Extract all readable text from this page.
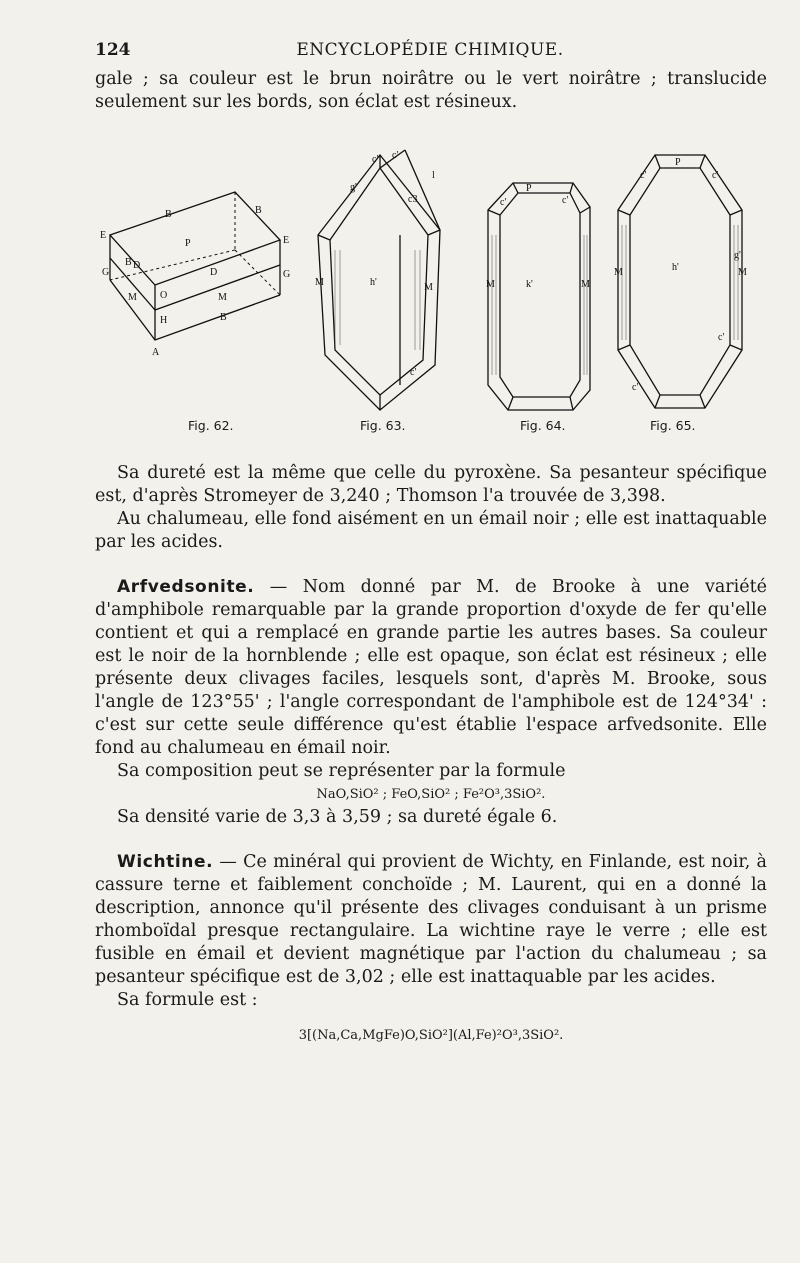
124	ENCYCLOPÉDIE CHIMIQUE.

gale ; sa couleur est le brun noirâtre ou le vert noirâtre ; translucide seulement sur les bords, son éclat est résineux.

E	E
B	B
B
B
P
G	G
D
D
M	M
O
H
A
c' c'
c3
g'
h'
M	M
l
c'
P
c'	c'
M	M
k'
P
c'	c'
c'
c'
M	M
h'
g'
Fig. 62.	Fig. 63.	Fig. 64.	Fig. 65.

Sa dureté est la même que celle du pyroxène. Sa pesanteur spécifique est, d'après Stromeyer de 3,240 ; Thomson l'a trouvée de 3,398.

Au chalumeau, elle fond aisément en un émail noir ; elle est inattaquable par les acides.

Arfvedsonite. — Nom donné par M. de Brooke à une variété d'amphibole remarquable par la grande proportion d'oxyde de fer qu'elle contient et qui a remplacé en grande partie les autres bases. Sa couleur est le noir de la hornblende ; elle est opaque, son éclat est résineux ; elle présente deux clivages faciles, lesquels sont, d'après M. Brooke, sous l'angle de 123°55' ; l'angle correspondant de l'amphibole est de 124°34' : c'est sur cette seule différence qu'est établie l'espace arfvedsonite. Elle fond au chalumeau en émail noir.

Sa composition peut se représenter par la formule

NaO,SiO² ; FeO,SiO² ; Fe²O³,3SiO².

Sa densité varie de 3,3 à 3,59 ; sa dureté égale 6.

Wichtine. — Ce minéral qui provient de Wichty, en Finlande, est noir, à cassure terne et faiblement conchoïde ; M. Laurent, qui en a donné la description, annonce qu'il présente des clivages conduisant à un prisme rhomboïdal presque rectangulaire. La wichtine raye le verre ; elle est fusible en émail et devient magnétique par l'action du chalumeau ; sa pesanteur spécifique est de 3,02 ; elle est inattaquable par les acides.

Sa formule est :

3[(Na,Ca,MgFe)O,SiO²](Al,Fe)²O³,3SiO².
